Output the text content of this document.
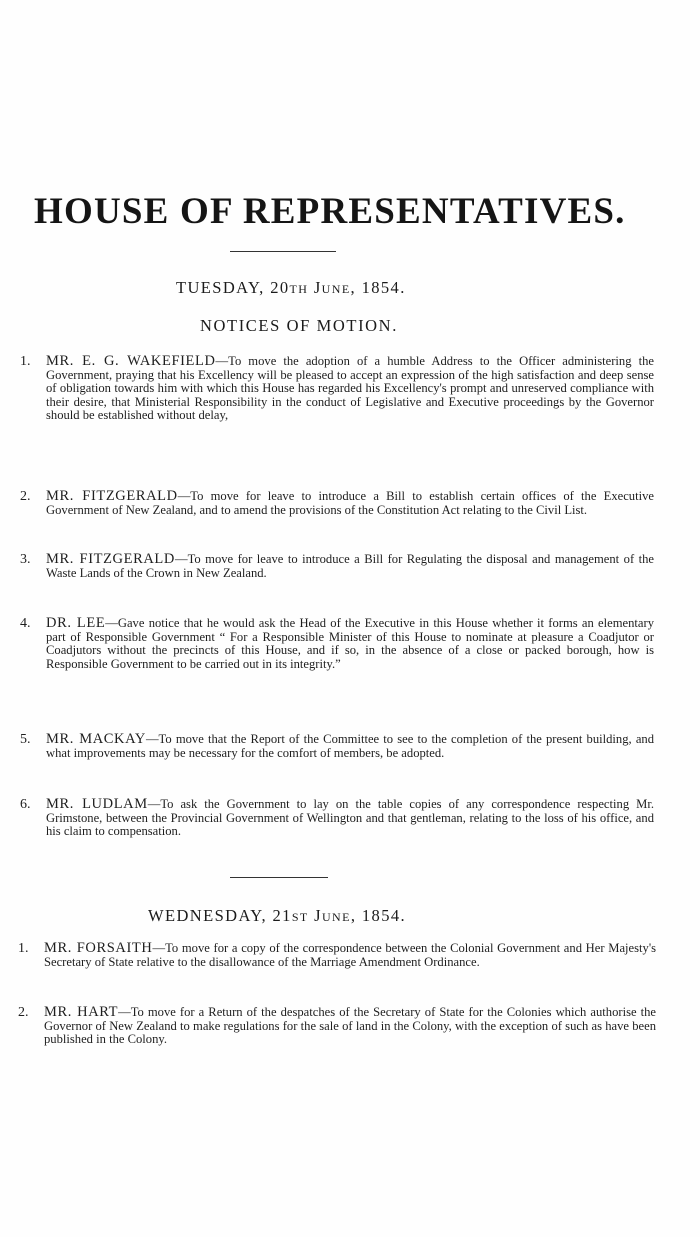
HOUSE OF REPRESENTATIVES.
TUESDAY, 20th June, 1854.
NOTICES OF MOTION.
1.	MR. E. G. WAKEFIELD—To move the adoption of a humble Address to the Officer administering the Government, praying that his Excellency will be pleased to accept an expression of the high satisfaction and deep sense of obligation towards him with which this House has regarded his Excellency's prompt and unreserved compliance with their desire, that Ministerial Responsibility in the conduct of Legislative and Executive proceedings by the Governor should be established without delay,
2.	MR. FITZGERALD—To move for leave to introduce a Bill to establish certain offices of the Executive Government of New Zealand, and to amend the provisions of the Constitution Act relating to the Civil List.
3.	MR. FITZGERALD—To move for leave to introduce a Bill for Regulating the disposal and management of the Waste Lands of the Crown in New Zealand.
4.	DR. LEE—Gave notice that he would ask the Head of the Executive in this House whether it forms an elementary part of Responsible Government “ For a Responsible Minister of this House to nominate at pleasure a Coadjutor or Coadjutors without the precincts of this House, and if so, in the absence of a close or packed borough, how is Responsible Government to be carried out in its integrity.”
5.	MR. MACKAY—To move that the Report of the Committee to see to the completion of the present building, and what improvements may be necessary for the comfort of members, be adopted.
6.	MR. LUDLAM—To ask the Government to lay on the table copies of any correspondence respecting Mr. Grimstone, between the Provincial Government of Wellington and that gentleman, relating to the loss of his office, and his claim to compensation.
WEDNESDAY, 21st June, 1854.
1.	MR. FORSAITH—To move for a copy of the correspondence between the Colonial Government and Her Majesty's Secretary of State relative to the disallowance of the Marriage Amendment Ordinance.
2.	MR. HART—To move for a Return of the despatches of the Secretary of State for the Colonies which authorise the Governor of New Zealand to make regulations for the sale of land in the Colony, with the exception of such as have been published in the Colony.
